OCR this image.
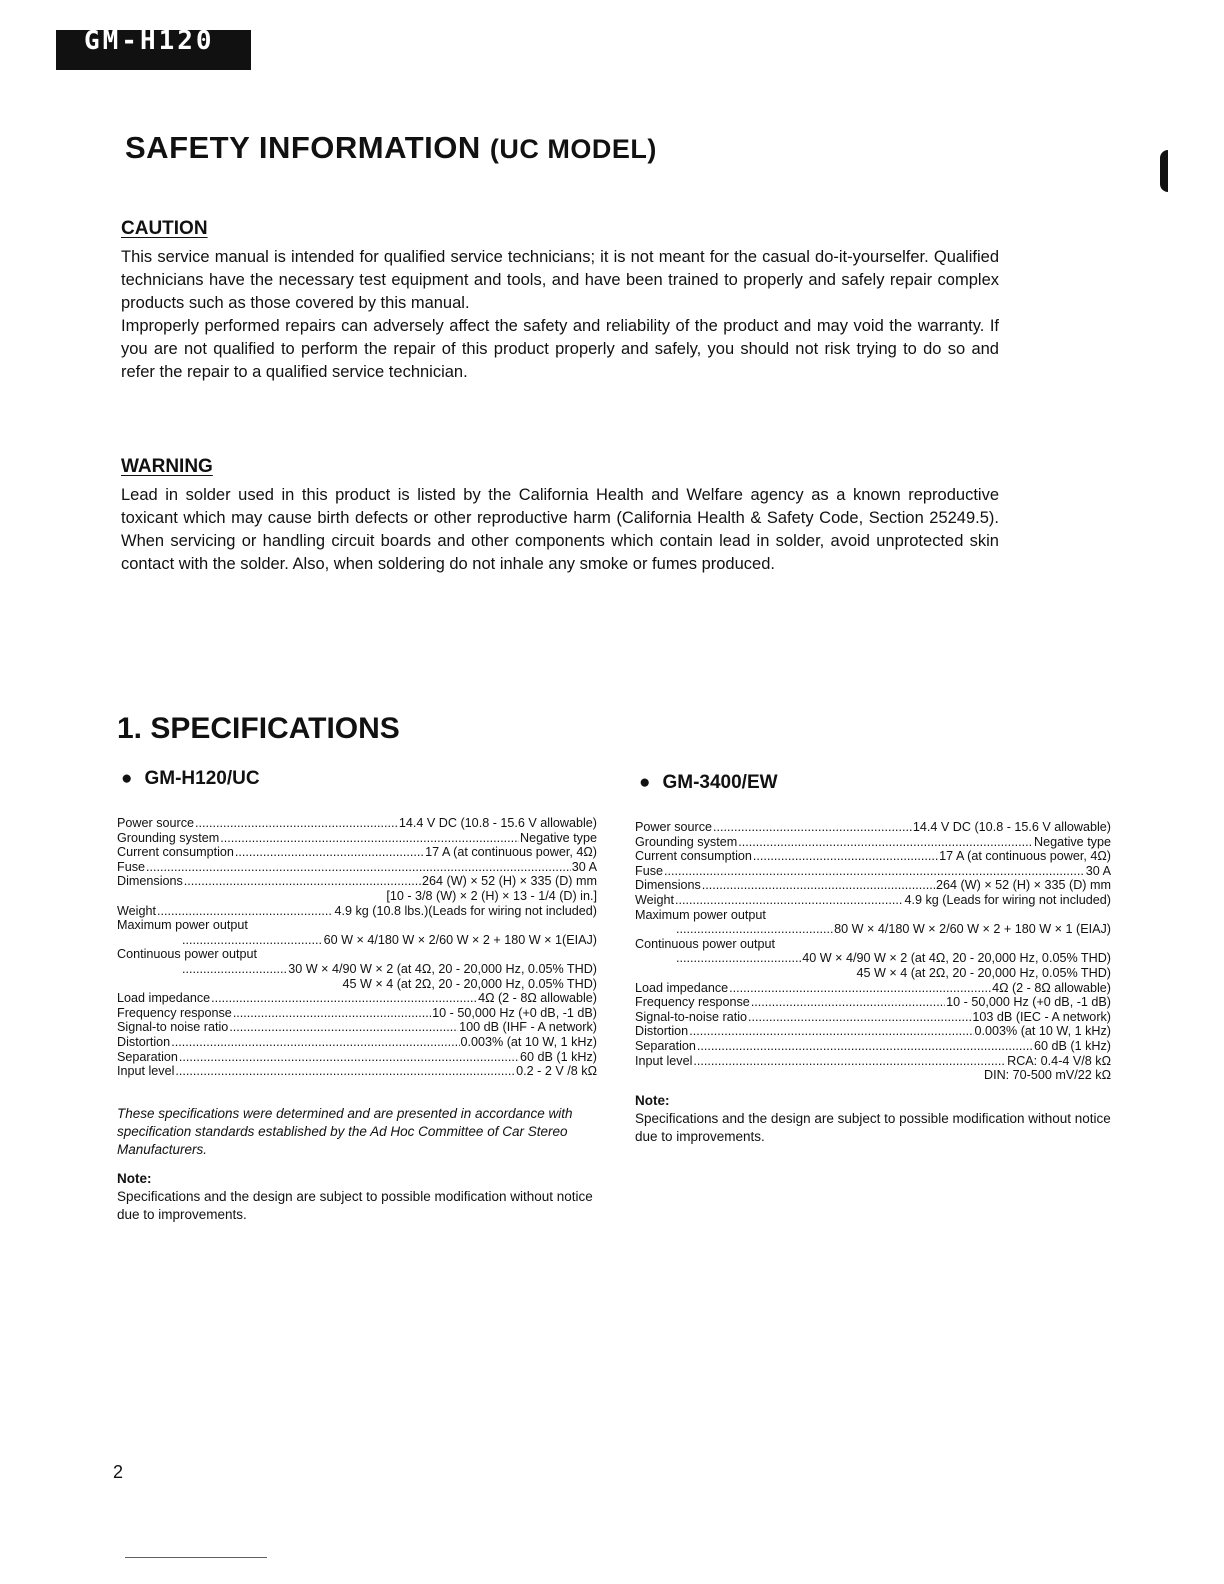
GM-H120
SAFETY INFORMATION (UC MODEL)
CAUTION

This service manual is intended for qualified service technicians; it is not meant for the casual do-it-yourselfer. Qualified technicians have the necessary test equipment and tools, and have been trained to properly and safely repair complex products such as those covered by this manual.

Improperly performed repairs can adversely affect the safety and reliability of the product and may void the warranty. If you are not qualified to perform the repair of this product properly and safely, you should not risk trying to do so and refer the repair to a qualified service technician.

WARNING

Lead in solder used in this product is listed by the California Health and Welfare agency as a known reproductive toxicant which may cause birth defects or other reproductive harm (California Health & Safety Code, Section 25249.5). When servicing or handling circuit boards and other components which contain lead in solder, avoid unprotected skin contact with the solder. Also, when soldering do not inhale any smoke or fumes produced.

1. SPECIFICATIONS
● GM-H120/UC
Power source .....	14.4 V DC (10.8 - 15.6 V allowable)
Grounding system .....	Negative type
Current consumption .....	17 A (at continuous power, 4Ω)
Fuse .....	30 A
Dimensions .....	264 (W) × 52 (H) × 335 (D) mm
[10 - 3/8 (W) × 2 (H) × 13 - 1/4 (D) in.]
Weight .....	4.9 kg (10.8 lbs.)(Leads for wiring not included)
Maximum power output
.....
60 W × 4/180 W × 2/60 W × 2 + 180 W × 1(EIAJ)
Continuous power output
.....
30 W × 4/90 W × 2 (at 4Ω, 20 - 20,000 Hz, 0.05% THD)
45 W × 4 (at 2Ω, 20 - 20,000 Hz, 0.05% THD)
Load impedance .....	4Ω (2 - 8Ω allowable)
Frequency response .....	10 - 50,000 Hz (+0 dB, -1 dB)
Signal-to noise ratio .....	100 dB (IHF - A network)
Distortion .....	0.003% (at 10 W, 1 kHz)
Separation .....	60 dB (1 kHz)
Input level .....	0.2 - 2 V /8 kΩ

These specifications were determined and are presented in accordance with specification standards established by the Ad Hoc Committee of Car Stereo Manufacturers.

Note:

Specifications and the design are subject to possible modification without notice due to improvements.

● GM-3400/EW
Power source .....	14.4 V DC (10.8 - 15.6 V allowable)
Grounding system .....	Negative type
Current consumption .....	17 A (at continuous power, 4Ω)
Fuse .....	30 A
Dimensions .....	264 (W) × 52 (H) × 335 (D) mm
Weight .....	4.9 kg (Leads for wiring not included)
Maximum power output
.....
80 W × 4/180 W × 2/60 W × 2 + 180 W × 1 (EIAJ)
Continuous power output
.....
40 W × 4/90 W × 2 (at 4Ω, 20 - 20,000 Hz, 0.05% THD)
45 W × 4 (at 2Ω, 20 - 20,000 Hz, 0.05% THD)
Load impedance .....	4Ω (2 - 8Ω allowable)
Frequency response .....	10 - 50,000 Hz (+0 dB, -1 dB)
Signal-to-noise ratio .....	103 dB (IEC - A network)
Distortion .....	0.003% (at 10 W, 1 kHz)
Separation .....	60 dB (1 kHz)
Input level .....	RCA: 0.4-4 V/8 kΩ
DIN: 70-500 mV/22 kΩ

Note:

Specifications and the design are subject to possible modification without notice due to improvements.

2
